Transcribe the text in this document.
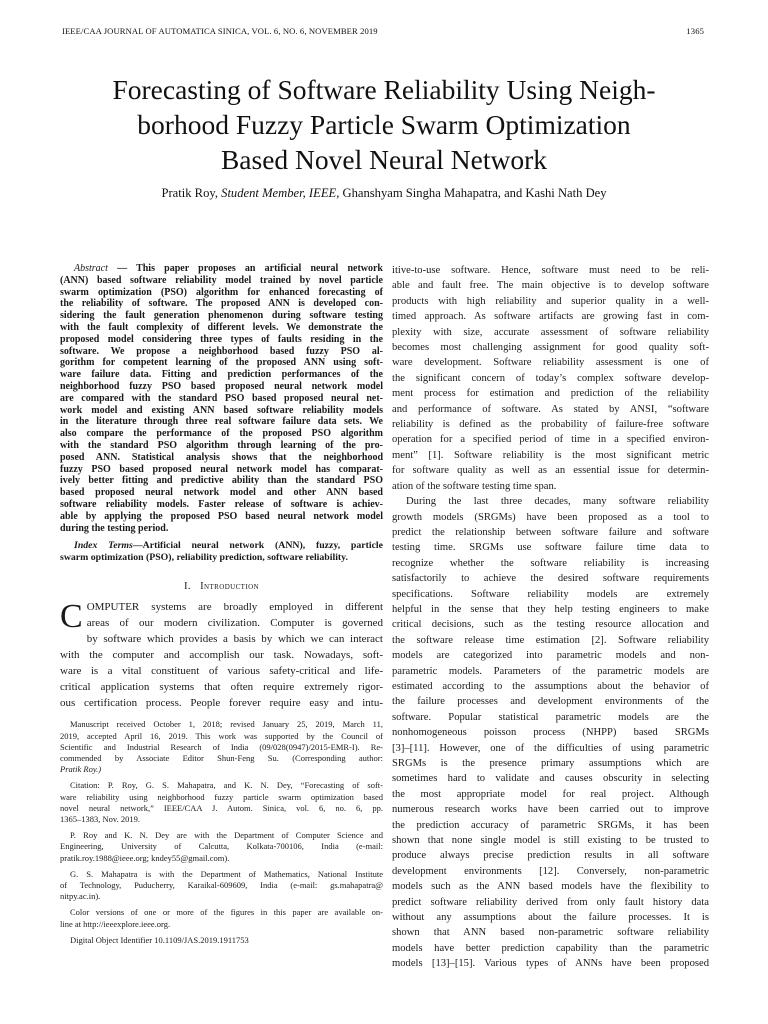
IEEE/CAA JOURNAL OF AUTOMATICA SINICA, VOL. 6, NO. 6, NOVEMBER 2019	1365
Forecasting of Software Reliability Using Neigh-
borhood Fuzzy Particle Swarm Optimization
Based Novel Neural Network
Pratik Roy, Student Member, IEEE, Ghanshyam Singha Mahapatra, and Kashi Nath Dey
Abstract — This paper proposes an artificial neural network
(ANN) based software reliability model trained by novel particle
swarm optimization (PSO) algorithm for enhanced forecasting of
the reliability of software. The proposed ANN is developed con-
sidering the fault generation phenomenon during software testing
with the fault complexity of different levels. We demonstrate the
proposed model considering three types of faults residing in the
software. We propose a neighborhood based fuzzy PSO al-
gorithm for competent learning of the proposed ANN using soft-
ware failure data. Fitting and prediction performances of the
neighborhood fuzzy PSO based proposed neural network model
are compared with the standard PSO based proposed neural net-
work model and existing ANN based software reliability models
in the literature through three real software failure data sets. We
also compare the performance of the proposed PSO algorithm
with the standard PSO algorithm through learning of the pro-
posed ANN. Statistical analysis shows that the neighborhood
fuzzy PSO based proposed neural network model has comparat-
ively better fitting and predictive ability than the standard PSO
based proposed neural network model and other ANN based
software reliability models. Faster release of software is achiev-
able by applying the proposed PSO based neural network model
during the testing period.
Index Terms—Artificial neural network (ANN), fuzzy, particle
swarm optimization (PSO), reliability prediction, software reliability.
I. Introduction
C OMPUTER systems are broadly employed in different
areas of our modern civilization. Computer is governed
by software which provides a basis by which we can interact
with the computer and accomplish our task. Nowadays, soft-
ware is a vital constituent of various safety-critical and life-
critical application systems that often require extremely rigor-
ous certification process. People forever require easy and intu-
Manuscript received October 1, 2018; revised January 25, 2019, March 11,
2019, accepted April 16, 2019. This work was supported by the Council of
Scientific and Industrial Research of India (09/028(0947)/2015-EMR-I). Re-
commended by Associate Editor Shun-Feng Su. (Corresponding author:
Pratik Roy.)
Citation: P. Roy, G. S. Mahapatra, and K. N. Dey, “Forecasting of soft-
ware reliability using neighborhood fuzzy particle swarm optimization based
novel neural network,” IEEE/CAA J. Autom. Sinica, vol. 6, no. 6, pp.
1365–1383, Nov. 2019.
P. Roy and K. N. Dey are with the Department of Computer Science and
Engineering, University of Calcutta, Kolkata-700106, India (e-mail:
pratik.roy.1988@ieee.org; kndey55@gmail.com).
G. S. Mahapatra is with the Department of Mathematics, National Institute
of Technology, Puducherry, Karaikal-609609, India (e-mail: gs.mahapatra@
nitpy.ac.in).
Color versions of one or more of the figures in this paper are available on-
line at http://ieeexplore.ieee.org.
Digital Object Identifier 10.1109/JAS.2019.1911753
itive-to-use software. Hence, software must need to be reli-
able and fault free. The main objective is to develop software
products with high reliability and superior quality in a well-
timed approach. As software artifacts are growing fast in com-
plexity with size, accurate assessment of software reliability
becomes most challenging assignment for good quality soft-
ware development. Software reliability assessment is one of
the significant concern of today’s complex software develop-
ment process for estimation and prediction of the reliability
and performance of software. As stated by ANSI, “software
reliability is defined as the probability of failure-free software
operation for a specified period of time in a specified environ-
ment” [1]. Software reliability is the most significant metric
for software quality as well as an essential issue for determin-
ation of the software testing time span.
During the last three decades, many software reliability
growth models (SRGMs) have been proposed as a tool to
predict the relationship between software failure and software
testing time. SRGMs use software failure time data to
recognize whether the software reliability is increasing
satisfactorily to achieve the desired software requirements
specifications. Software reliability models are extremely
helpful in the sense that they help testing engineers to make
critical decisions, such as the testing resource allocation and
the software release time estimation [2]. Software reliability
models are categorized into parametric models and non-
parametric models. Parameters of the parametric models are
estimated according to the assumptions about the behavior of
the failure processes and development environments of the
software. Popular statistical parametric models are the
nonhomogeneous poisson process (NHPP) based SRGMs
[3]–[11]. However, one of the difficulties of using parametric
SRGMs is the presence primary assumptions which are
sometimes hard to validate and causes obscurity in selecting
the most appropriate model for real project. Although
numerous research works have been carried out to improve
the prediction accuracy of parametric SRGMs, it has been
shown that none single model is still existing to be trusted to
produce always precise prediction results in all software
development environments [12]. Conversely, non-parametric
models such as the ANN based models have the flexibility to
predict software reliability derived from only fault history data
without any assumptions about the failure processes. It is
shown that ANN based non-parametric software reliability
models have better prediction capability than the parametric
models [13]–[15]. Various types of ANNs have been proposed
